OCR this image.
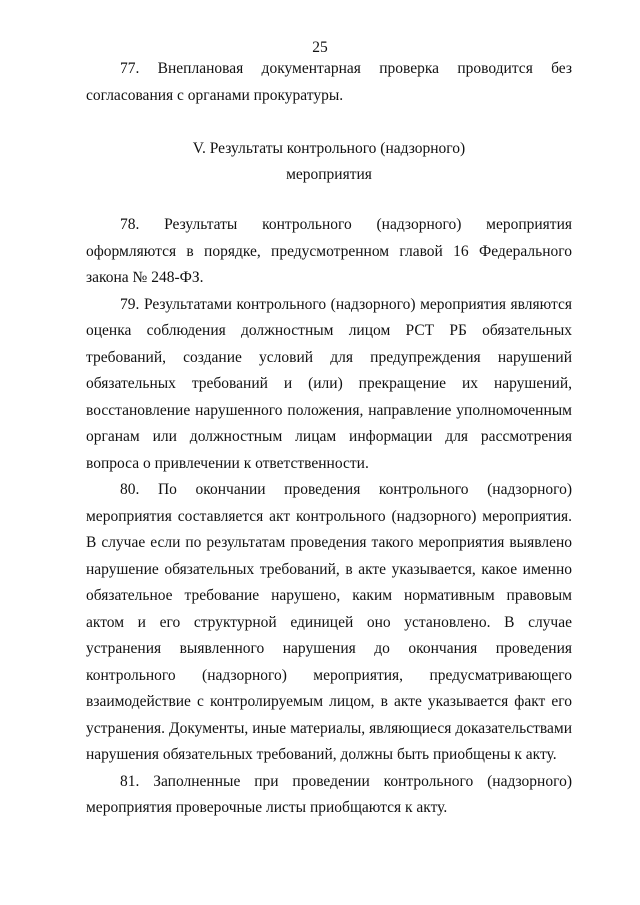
25

77. Внеплановая документарная проверка проводится без согласования с органами прокуратуры.

V. Результаты контрольного (надзорного)

мероприятия

78. Результаты контрольного (надзорного) мероприятия оформляются в порядке, предусмотренном главой 16 Федерального закона № 248-ФЗ.

79. Результатами контрольного (надзорного) мероприятия являются оценка соблюдения должностным лицом РСТ РБ обязательных требований, создание условий для предупреждения нарушений обязательных требований и (или) прекращение их нарушений, восстановление нарушенного положения, направление уполномоченным органам или должностным лицам информации для рассмотрения вопроса о привлечении к ответственности.

80. По окончании проведения контрольного (надзорного) мероприятия составляется акт контрольного (надзорного) мероприятия. В случае если по результатам проведения такого мероприятия выявлено нарушение обязательных требований, в акте указывается, какое именно обязательное требование нарушено, каким нормативным правовым актом и его структурной единицей оно установлено. В случае устранения выявленного нарушения до окончания проведения контрольного (надзорного) мероприятия, предусматривающего взаимодействие с контролируемым лицом, в акте указывается факт его устранения. Документы, иные материалы, являющиеся доказательствами нарушения обязательных требований, должны быть приобщены к акту.

81. Заполненные при проведении контрольного (надзорного) мероприятия проверочные листы приобщаются к акту.
